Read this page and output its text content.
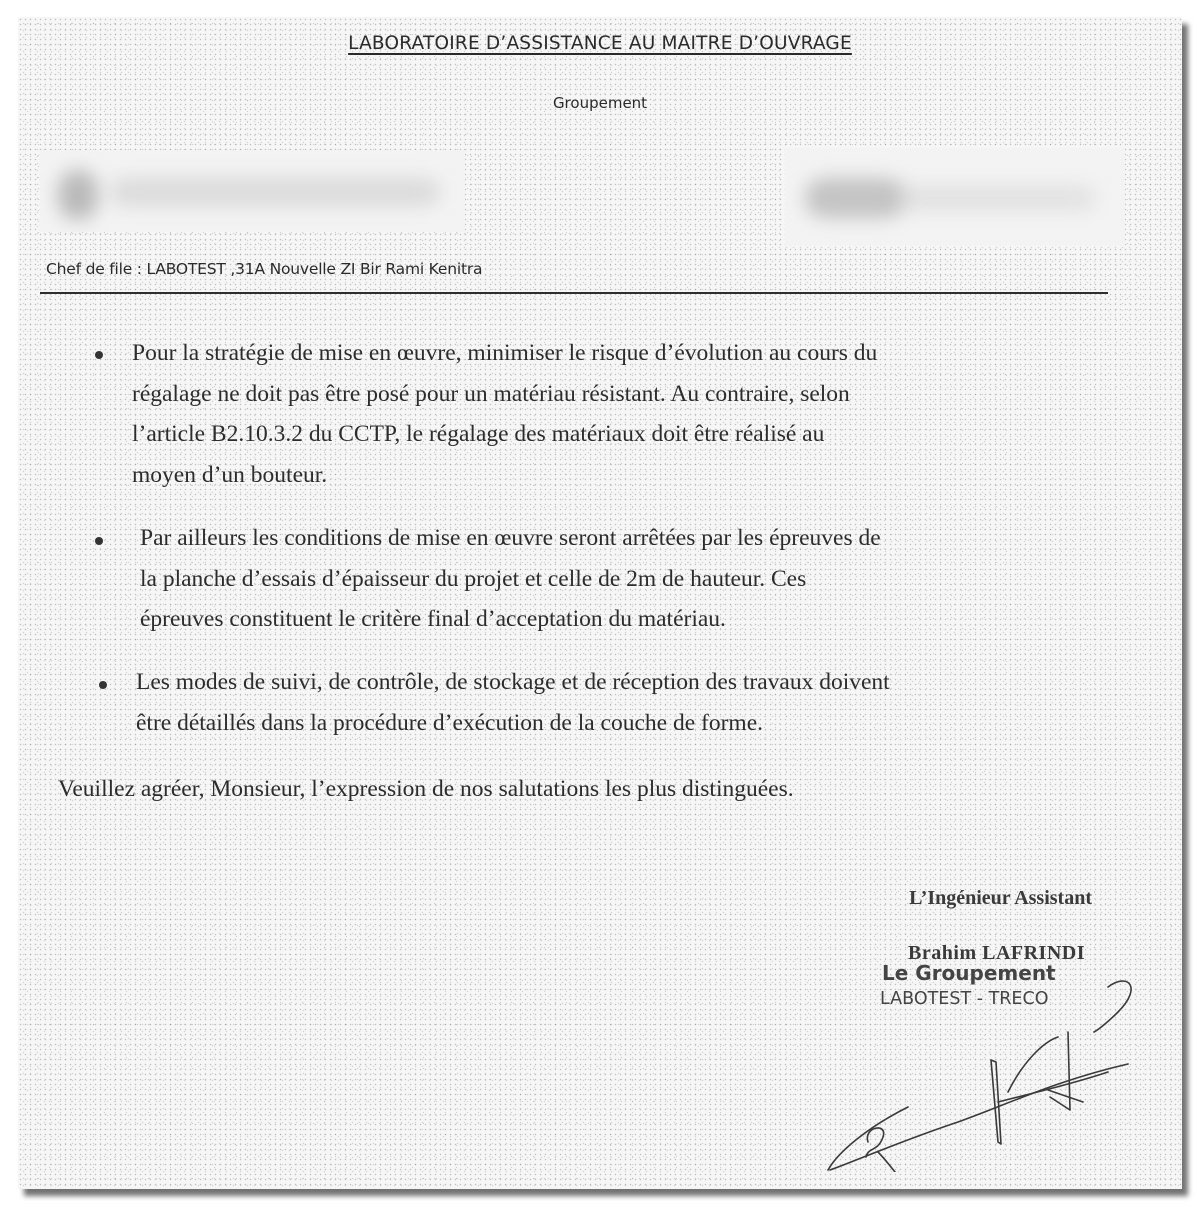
LABORATOIRE D’ASSISTANCE AU MAITRE D’OUVRAGE
Groupement
Chef de file : LABOTEST ,31A Nouvelle ZI Bir Rami Kenitra
Pour la stratégie de mise en œuvre, minimiser le risque d’évolution au cours du
régalage ne doit pas être posé pour un matériau résistant. Au contraire, selon
l’article B2.10.3.2 du CCTP, le régalage des matériaux doit être réalisé au
moyen d’un bouteur.
Par ailleurs les conditions de mise en œuvre seront arrêtées par les épreuves de
la planche d’essais d’épaisseur du projet et celle de 2m de hauteur. Ces
épreuves constituent le critère final d’acceptation du matériau.
Les modes de suivi, de contrôle, de stockage et de réception des travaux doivent
être détaillés dans la procédure d’exécution de la couche de forme.
Veuillez agréer, Monsieur, l’expression de nos salutations les plus distinguées.
L’Ingénieur Assistant
Brahim LAFRINDI
Le Groupement
LABOTEST - TRECO
